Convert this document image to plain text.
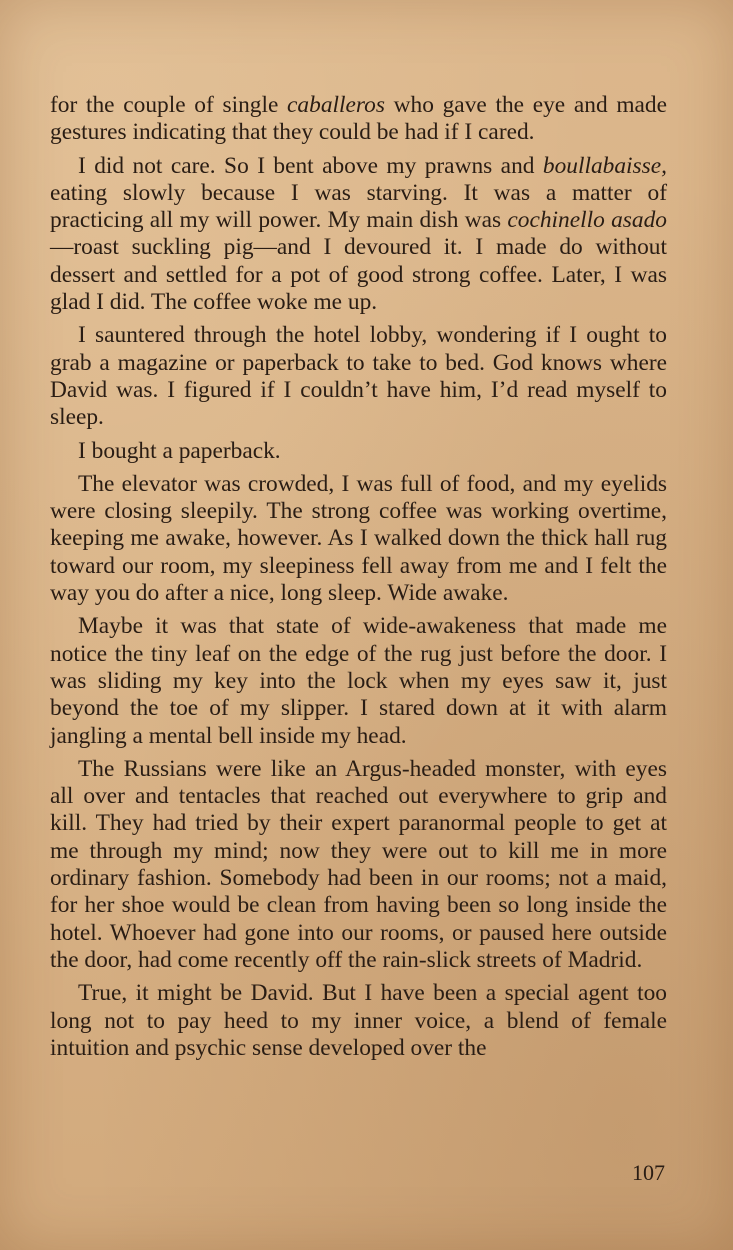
for the couple of single caballeros who gave the eye and made gestures indicating that they could be had if I cared.

I did not care. So I bent above my prawns and boullabaisse, eating slowly because I was starving. It was a matter of practicing all my will power. My main dish was cochinello asado—roast suckling pig—and I devoured it. I made do without dessert and settled for a pot of good strong coffee. Later, I was glad I did. The coffee woke me up.

I sauntered through the hotel lobby, wondering if I ought to grab a magazine or paperback to take to bed. God knows where David was. I figured if I couldn’t have him, I’d read myself to sleep.

I bought a paperback.

The elevator was crowded, I was full of food, and my eyelids were closing sleepily. The strong coffee was working overtime, keeping me awake, however. As I walked down the thick hall rug toward our room, my sleepiness fell away from me and I felt the way you do after a nice, long sleep. Wide awake.

Maybe it was that state of wide-awakeness that made me notice the tiny leaf on the edge of the rug just before the door. I was sliding my key into the lock when my eyes saw it, just beyond the toe of my slipper. I stared down at it with alarm jangling a mental bell inside my head.

The Russians were like an Argus-headed monster, with eyes all over and tentacles that reached out everywhere to grip and kill. They had tried by their expert paranormal people to get at me through my mind; now they were out to kill me in more ordinary fashion. Somebody had been in our rooms; not a maid, for her shoe would be clean from having been so long inside the hotel. Whoever had gone into our rooms, or paused here outside the door, had come recently off the rain-slick streets of Madrid.

True, it might be David. But I have been a special agent too long not to pay heed to my inner voice, a blend of female intuition and psychic sense developed over the

107
